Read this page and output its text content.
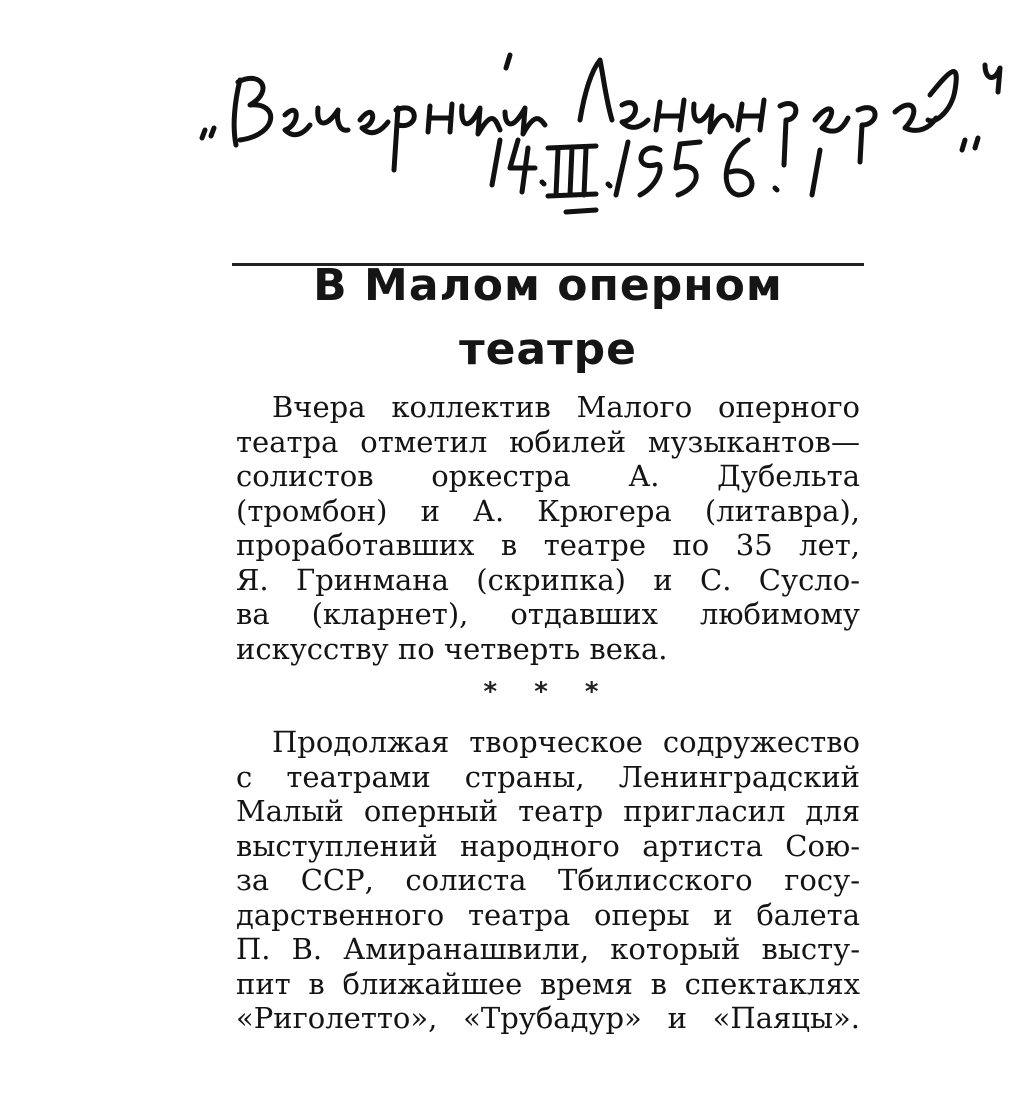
В Малом оперном
театре
Вчера коллектив Малого оперного
театра отметил юбилей музыкантов—
солистов оркестра А. Дубельта
(тромбон) и А. Крюгера (литавра),
проработавших в театре по 35 лет,
Я. Гринмана (скрипка) и С. Сусло-
ва (кларнет), отдавших любимому
искусству по четверть века.
* * *
Продолжая творческое содружество
с театрами страны, Ленинградский
Малый оперный театр пригласил для
выступлений народного артиста Сою-
за ССР, солиста Тбилисского госу-
дарственного театра оперы и балета
П. В. Амиранашвили, который высту-
пит в ближайшее время в спектаклях
«Риголетто», «Трубадур» и «Паяцы».
